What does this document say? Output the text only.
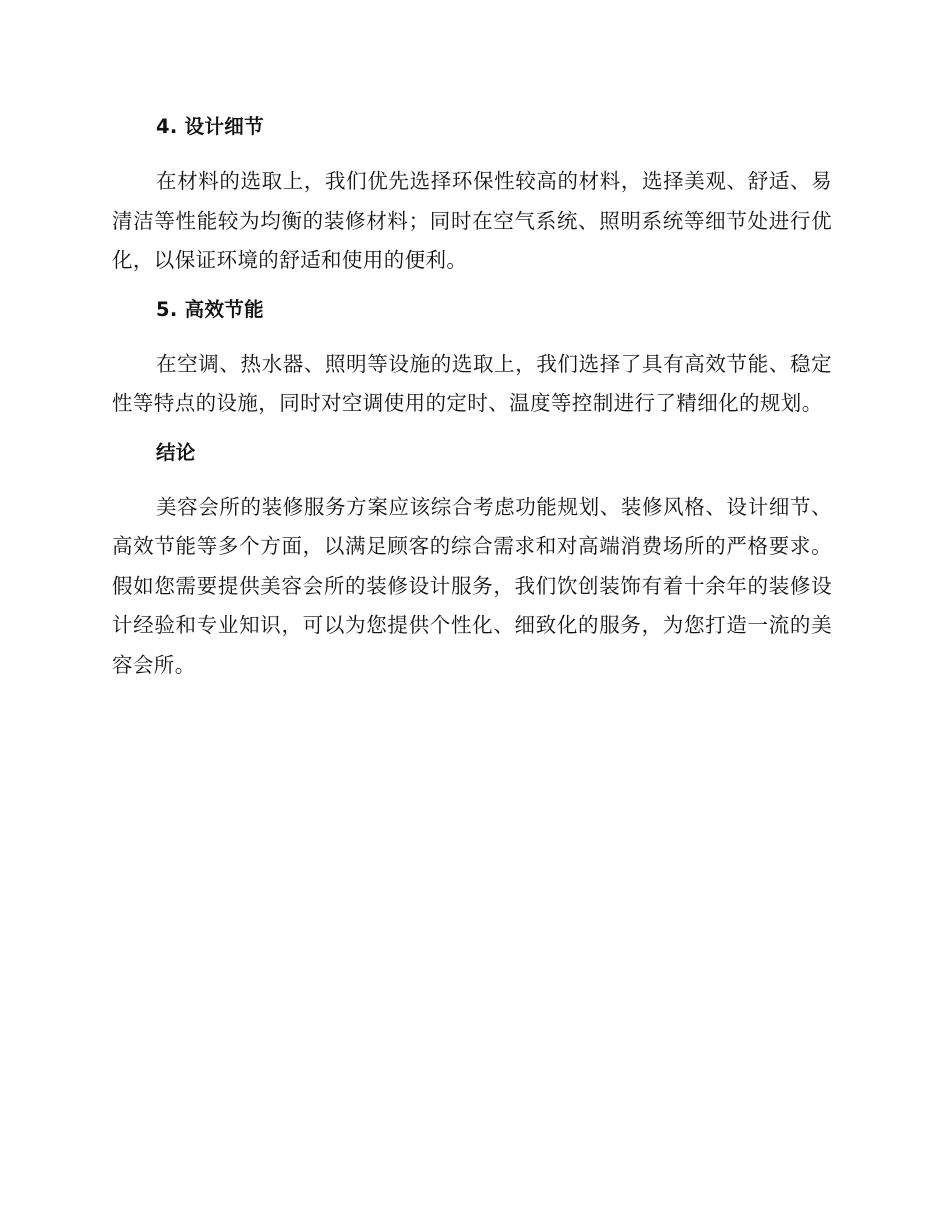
4. 设计细节

在材料的选取上，我们优先选择环保性较高的材料，选择美观、舒适、易清洁等性能较为均衡的装修材料；同时在空气系统、照明系统等细节处进行优化，以保证环境的舒适和使用的便利。

5. 高效节能

在空调、热水器、照明等设施的选取上，我们选择了具有高效节能、稳定性等特点的设施，同时对空调使用的定时、温度等控制进行了精细化的规划。

结论

美容会所的装修服务方案应该综合考虑功能规划、装修风格、设计细节、高效节能等多个方面，以满足顾客的综合需求和对高端消费场所的严格要求。假如您需要提供美容会所的装修设计服务，我们饮创装饰有着十余年的装修设计经验和专业知识，可以为您提供个性化、细致化的服务，为您打造一流的美容会所。
